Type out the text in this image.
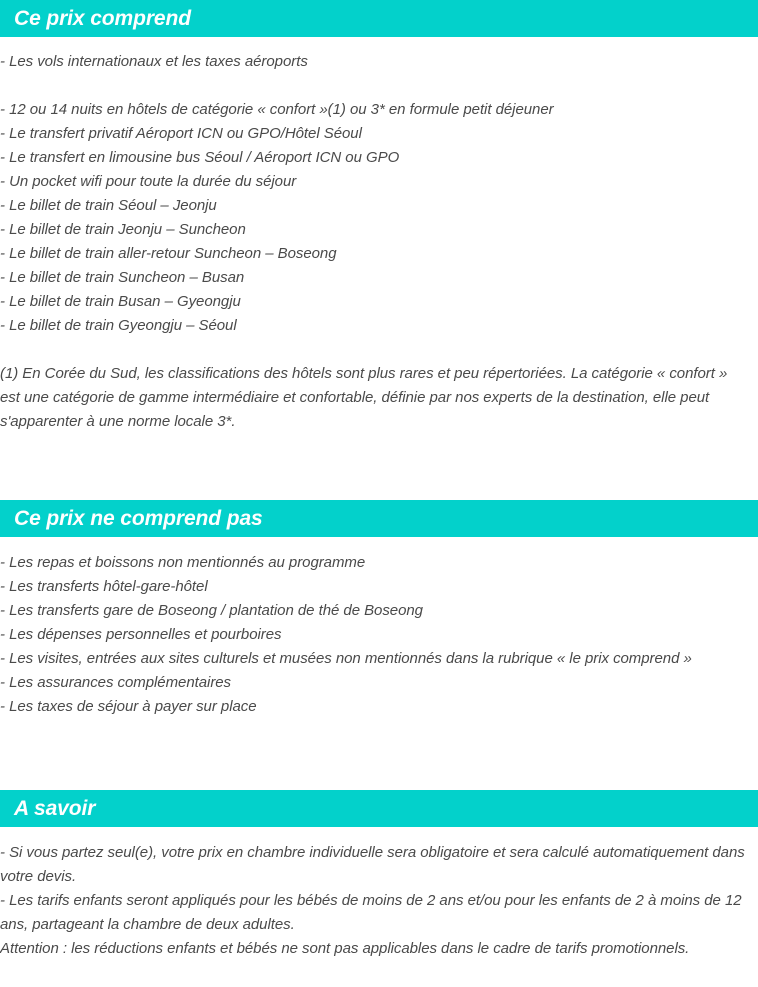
Ce prix comprend
- Les vols internationaux et les taxes aéroports
- 12 ou 14 nuits en hôtels de catégorie « confort »(1) ou 3* en formule petit déjeuner
- Le transfert privatif Aéroport ICN ou GPO/Hôtel Séoul
- Le transfert en limousine bus Séoul / Aéroport ICN ou GPO
- Un pocket wifi pour toute la durée du séjour
- Le billet de train Séoul – Jeonju
- Le billet de train Jeonju – Suncheon
- Le billet de train aller-retour Suncheon – Boseong
- Le billet de train Suncheon – Busan
- Le billet de train Busan – Gyeongju
- Le billet de train Gyeongju – Séoul
(1) En Corée du Sud, les classifications des hôtels sont plus rares et peu répertoriées. La catégorie « confort » est une catégorie de gamme intermédiaire et confortable, définie par nos experts de la destination, elle peut s'apparenter à une norme locale 3*.
Ce prix ne comprend pas
- Les repas et boissons non mentionnés au programme
- Les transferts hôtel-gare-hôtel
- Les transferts gare de Boseong / plantation de thé de Boseong
- Les dépenses personnelles et pourboires
- Les visites, entrées aux sites culturels et musées non mentionnés dans la rubrique « le prix comprend »
- Les assurances complémentaires
- Les taxes de séjour à payer sur place
A savoir
- Si vous partez seul(e), votre prix en chambre individuelle sera obligatoire et sera calculé automatiquement dans votre devis.
- Les tarifs enfants seront appliqués pour les bébés de moins de 2 ans et/ou pour les enfants de 2 à moins de 12 ans, partageant la chambre de deux adultes.
Attention : les réductions enfants et bébés ne sont pas applicables dans le cadre de tarifs promotionnels.
